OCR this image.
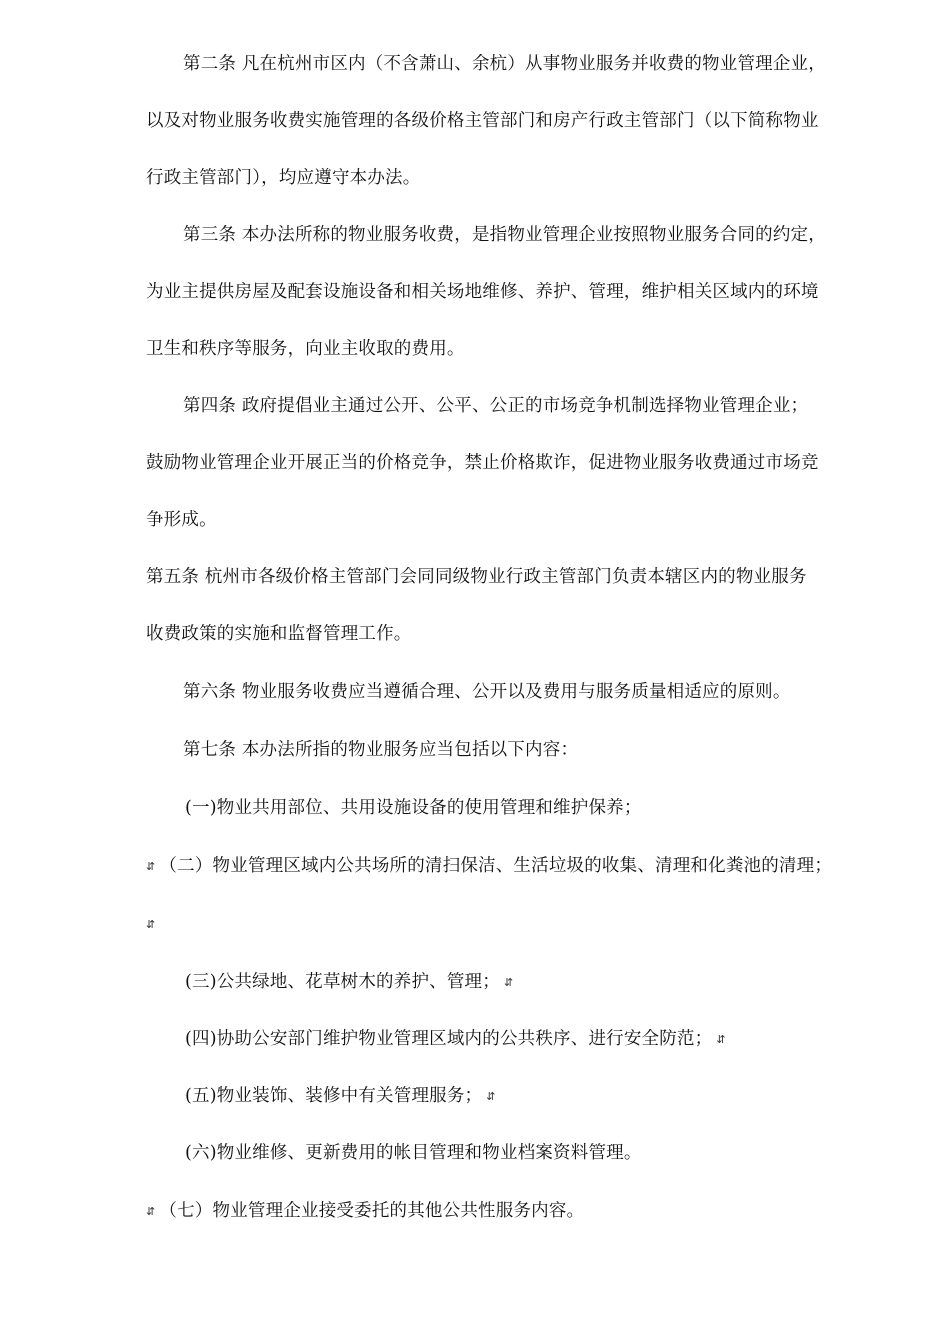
第二条 凡在杭州市区内（不含萧山、余杭）从事物业服务并收费的物业管理企业，
以及对物业服务收费实施管理的各级价格主管部门和房产行政主管部门（以下简称物业
行政主管部门），均应遵守本办法。
第三条 本办法所称的物业服务收费，是指物业管理企业按照物业服务合同的约定，
为业主提供房屋及配套设施设备和相关场地维修、养护、管理，维护相关区域内的环境
卫生和秩序等服务，向业主收取的费用。
第四条 政府提倡业主通过公开、公平、公正的市场竞争机制选择物业管理企业；
鼓励物业管理企业开展正当的价格竞争，禁止价格欺诈，促进物业服务收费通过市场竞
争形成。
第五条 杭州市各级价格主管部门会同同级物业行政主管部门负责本辖区内的物业服务
收费政策的实施和监督管理工作。
第六条 物业服务收费应当遵循合理、公开以及费用与服务质量相适应的原则。
第七条 本办法所指的物业服务应当包括以下内容：
(一)物业共用部位、共用设施设备的使用管理和维护保养；
⇵ （二）物业管理区域内公共场所的清扫保洁、生活垃圾的收集、清理和化粪池的清理；
⇵
(三)公共绿地、花草树木的养护、管理； ⇵
(四)协助公安部门维护物业管理区域内的公共秩序、进行安全防范； ⇵
(五)物业装饰、装修中有关管理服务； ⇵
(六)物业维修、更新费用的帐目管理和物业档案资料管理。
⇵ （七）物业管理企业接受委托的其他公共性服务内容。
